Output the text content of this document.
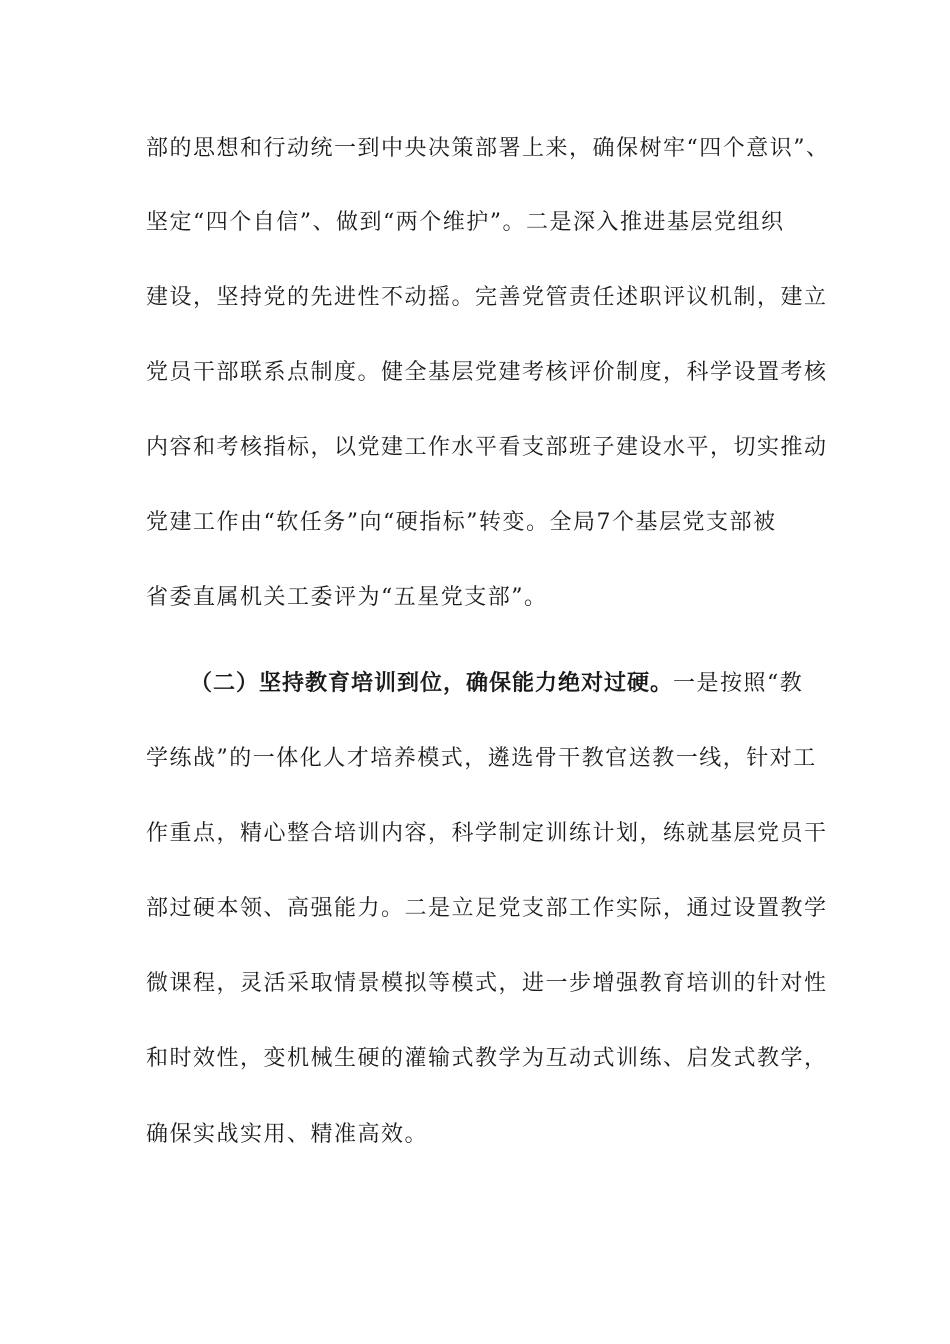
部的思想和行动统一到中央决策部署上来，确保树牢“四个意识”、
坚定“四个自信”、做到“两个维护”。二是深入推进基层党组织
建设，坚持党的先进性不动摇。完善党管责任述职评议机制，建立
党员干部联系点制度。健全基层党建考核评价制度，科学设置考核
内容和考核指标，以党建工作水平看支部班子建设水平，切实推动
党建工作由“软任务”向“硬指标”转变。全局7个基层党支部被
省委直属机关工委评为“五星党支部”。
（二）坚持教育培训到位，确保能力绝对过硬。一是按照“教
学练战”的一体化人才培养模式，遴选骨干教官送教一线，针对工
作重点，精心整合培训内容，科学制定训练计划，练就基层党员干
部过硬本领、高强能力。二是立足党支部工作实际，通过设置教学
微课程，灵活采取情景模拟等模式，进一步增强教育培训的针对性
和时效性，变机械生硬的灌输式教学为互动式训练、启发式教学，
确保实战实用、精准高效。
